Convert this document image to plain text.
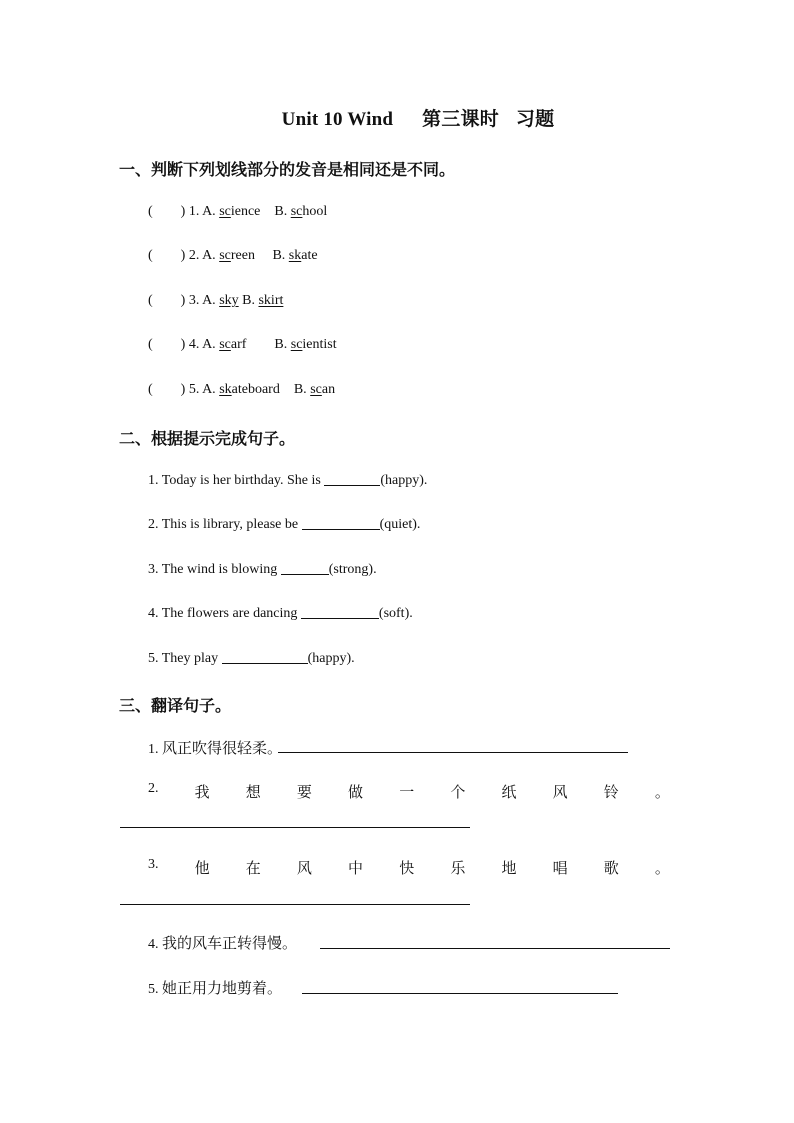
Unit 10 Wind 第三课时 习题
一、判断下列划线部分的发音是相同还是不同。
(        ) 1. A. science B. school
(        ) 2. A. screen B. skate
(        ) 3. A. sky B. skirt
(        ) 4. A. scarf B. scientist
(        ) 5. A. skateboard B. scan
二、根据提示完成句子。
1. Today is her birthday. She is	(happy).
2. This is library, please be	(quiet).
3. The wind is blowing	(strong).
4. The flowers are dancing	(soft).
5. They play	(happy).
三、翻译句子。
1. 风正吹得很轻柔。
2. 我 想 要 做 一 个 纸 风 铃 。
3. 他 在 风 中 快 乐 地 唱 歌 。
4. 我的风车正转得慢。
5. 她正用力地剪着。
